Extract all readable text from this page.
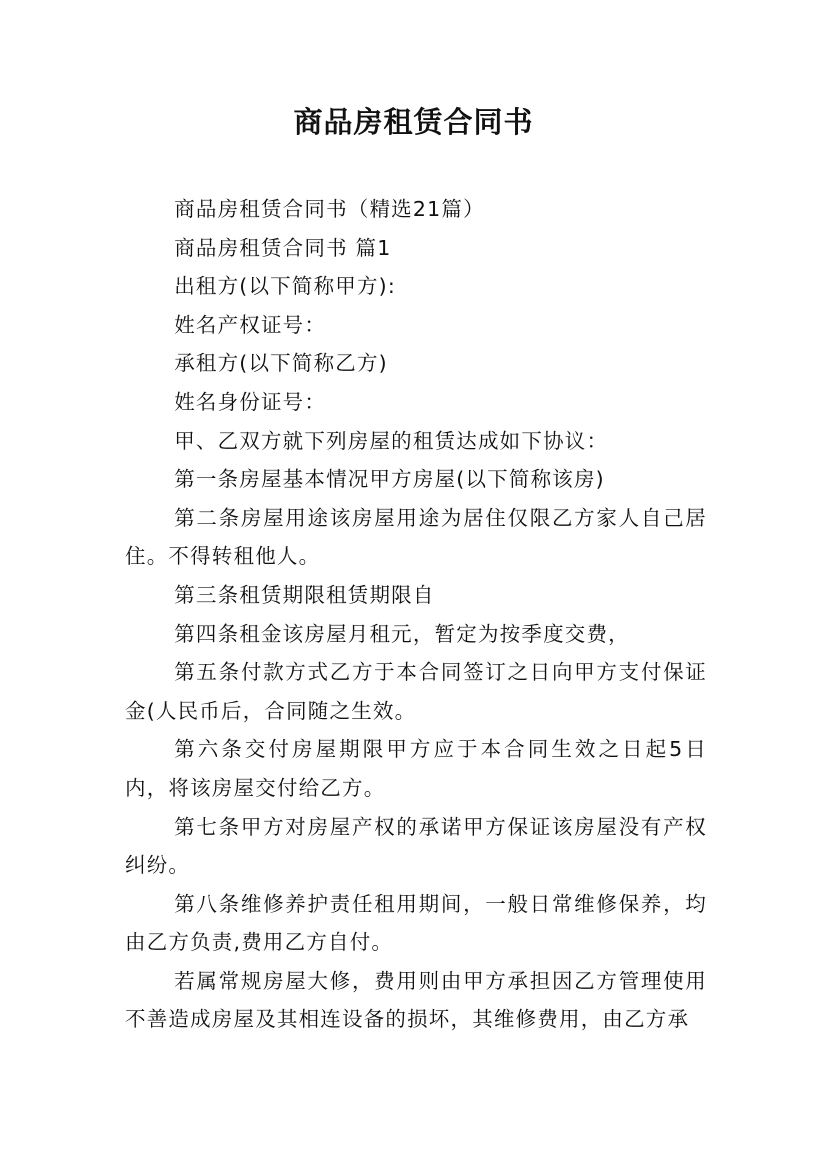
商品房租赁合同书

商品房租赁合同书（精选21篇）

商品房租赁合同书 篇1

出租方(以下简称甲方):

姓名产权证号：

承租方(以下简称乙方)

姓名身份证号：

甲、乙双方就下列房屋的租赁达成如下协议：

第一条房屋基本情况甲方房屋(以下简称该房)

第二条房屋用途该房屋用途为居住仅限乙方家人自己居住。不得转租他人。

第三条租赁期限租赁期限自

第四条租金该房屋月租元，暂定为按季度交费，

第五条付款方式乙方于本合同签订之日向甲方支付保证金(人民币后，合同随之生效。

第六条交付房屋期限甲方应于本合同生效之日起5日内，将该房屋交付给乙方。

第七条甲方对房屋产权的承诺甲方保证该房屋没有产权纠纷。

第八条维修养护责任租用期间，一般日常维修保养，均由乙方负责,费用乙方自付。

若属常规房屋大修，费用则由甲方承担因乙方管理使用不善造成房屋及其相连设备的损坏，其维修费用，由乙方承
